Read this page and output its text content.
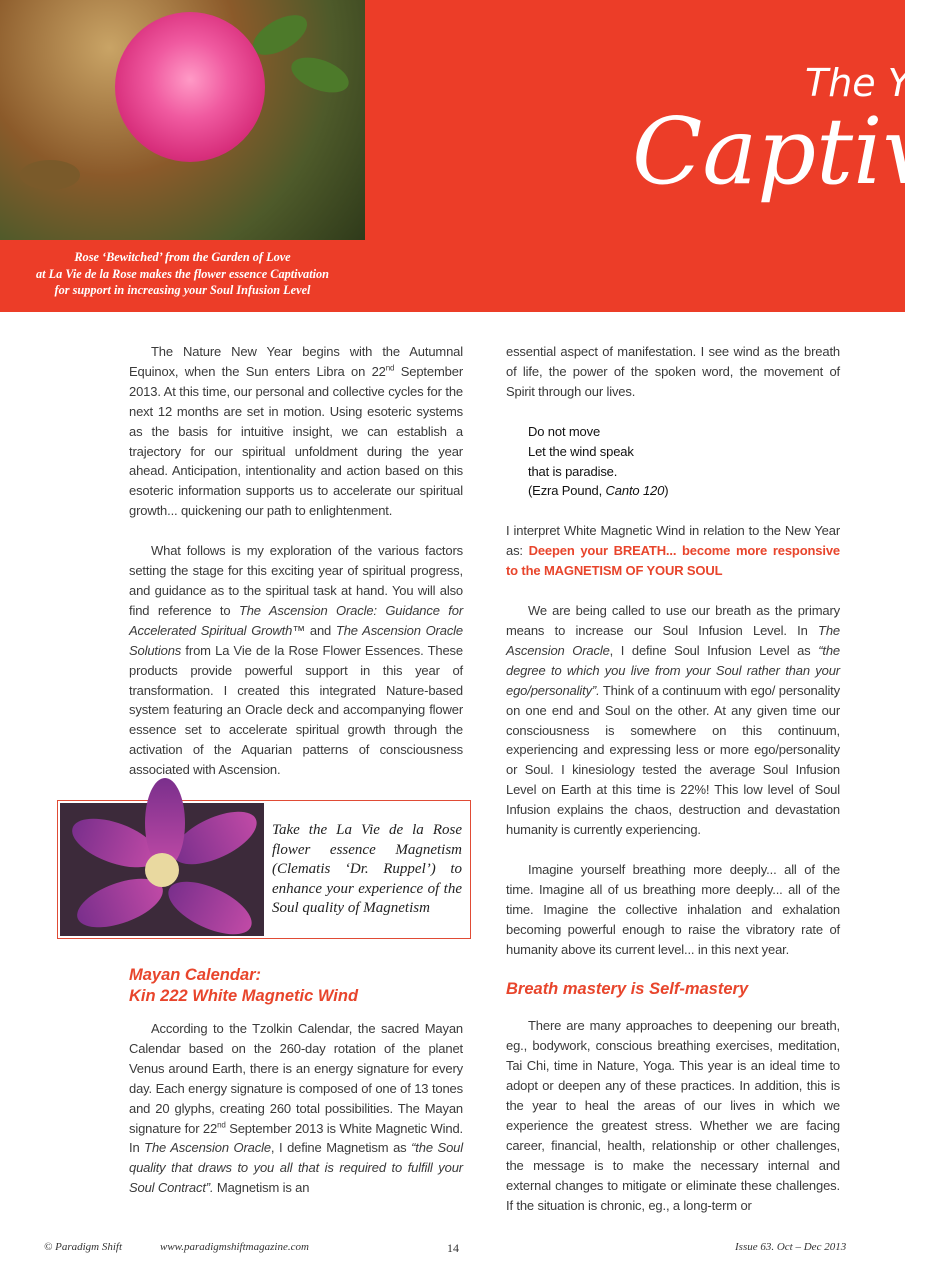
Rose ‘Bewitched’ from the Garden of Love
at La Vie de la Rose makes the flower essence Captivation
for support in increasing your Soul Infusion Level
The Ye
Captiv

The Nature New Year begins with the Autumnal Equinox, when the Sun enters Libra on 22nd September 2013. At this time, our personal and collective cycles for the next 12 months are set in motion. Using esoteric systems as the basis for intuitive insight, we can establish a trajectory for our spiritual unfoldment during the year ahead. Anticipation, intentionality and action based on this esoteric information supports us to accelerate our spiritual growth... quickening our path to enlightenment.

What follows is my exploration of the various factors setting the stage for this exciting year of spiritual progress, and guidance as to the spiritual task at hand. You will also find reference to The Ascension Oracle: Guidance for Accelerated Spiritual Growth™ and The Ascension Oracle Solutions from La Vie de la Rose Flower Essences. These products provide powerful support in this year of transformation. I created this integrated Nature-based system featuring an Oracle deck and accompanying flower essence set to accelerate spiritual growth through the activation of the Aquarian patterns of consciousness associated with Ascension.

Take the La Vie de la Rose flower essence Magnetism (Clematis ‘Dr. Ruppel’) to enhance your experience of the Soul quality of Magnetism
Mayan Calendar:
Kin 222 White Magnetic Wind

According to the Tzolkin Calendar, the sacred Mayan Calendar based on the 260-day rotation of the planet Venus around Earth, there is an energy signature for every day. Each energy signature is composed of one of 13 tones and 20 glyphs, creating 260 total possibilities. The Mayan signature for 22nd September 2013 is White Magnetic Wind. In The Ascension Oracle, I define Magnetism as “the Soul quality that draws to you all that is required to fulfill your Soul Contract”. Magnetism is an

essential aspect of manifestation. I see wind as the breath of life, the power of the spoken word, the movement of Spirit through our lives.

Do not move
Let the wind speak
that is paradise.
(Ezra Pound, Canto 120)

I interpret White Magnetic Wind in relation to the New Year as: Deepen your BREATH... become more responsive to the MAGNETISM OF YOUR SOUL

We are being called to use our breath as the primary means to increase our Soul Infusion Level. In The Ascension Oracle, I define Soul Infusion Level as “the degree to which you live from your Soul rather than your ego/personality”. Think of a continuum with ego/ personality on one end and Soul on the other. At any given time our consciousness is somewhere on this continuum, experiencing and expressing less or more ego/personality or Soul. I kinesiology tested the average Soul Infusion Level on Earth at this time is 22%! This low level of Soul Infusion explains the chaos, destruction and devastation humanity is currently experiencing.

Imagine yourself breathing more deeply... all of the time. Imagine all of us breathing more deeply... all of the time. Imagine the collective inhalation and exhalation becoming powerful enough to raise the vibratory rate of humanity above its current level... in this next year.

Breath mastery is Self-mastery

There are many approaches to deepening our breath, eg., bodywork, conscious breathing exercises, meditation, Tai Chi, time in Nature, Yoga. This year is an ideal time to adopt or deepen any of these practices. In addition, this is the year to heal the areas of our lives in which we experience the greatest stress. Whether we are facing career, financial, health, relationship or other challenges, the message is to make the necessary internal and external changes to mitigate or eliminate these challenges. If the situation is chronic, eg., a long-term or

© Paradigm Shift	www.paradigmshiftmagazine.com	14	Issue 63. Oct – Dec 2013
